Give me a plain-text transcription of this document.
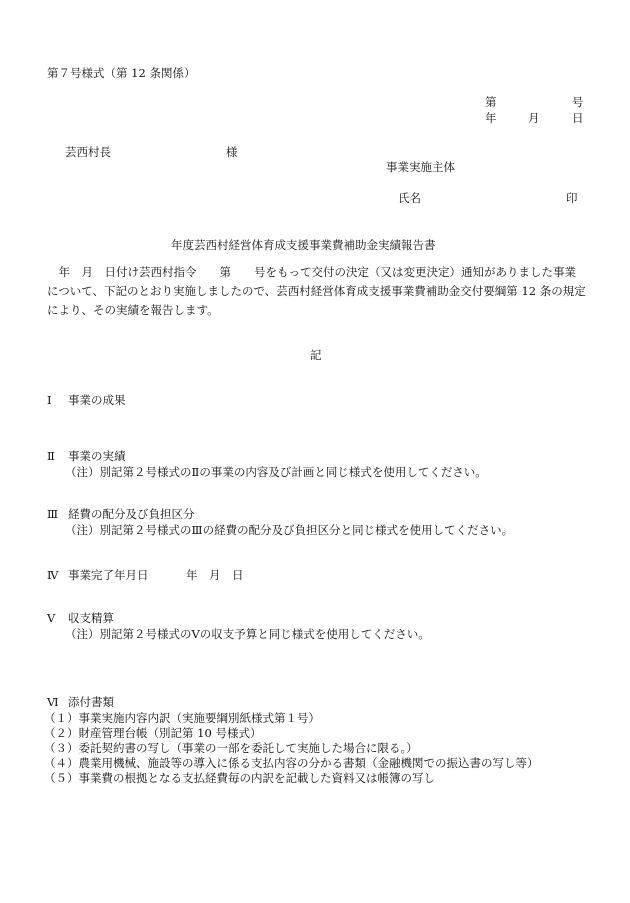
第７号様式（第 12 条関係）
第	号
年	月	日
芸西村長	様
事業実施主体
氏名	印
年度芸西村経営体育成支援事業費補助金実績報告書
　年　月　日付け芸西村指令　　第　　号をもって交付の決定（又は変更決定）通知がありました事業について、下記のとおり実施しましたので、芸西村経営体育成支援事業費補助金交付要綱第 12 条の規定により、その実績を報告します。
記
Ⅰ 事業の成果
Ⅱ 事業の実績
（注）別記第２号様式のⅡの事業の内容及び計画と同じ様式を使用してください。
Ⅲ 経費の配分及び負担区分
（注）別記第２号様式のⅢの経費の配分及び負担区分と同じ様式を使用してください。
Ⅳ 事業完了年月日	年　月　日
Ⅴ 収支精算
（注）別記第２号様式のⅤの収支予算と同じ様式を使用してください。
Ⅵ 添付書類
（１）事業実施内容内訳（実施要綱別紙様式第１号）
（２）財産管理台帳（別記第 10 号様式）
（３）委託契約書の写し（事業の一部を委託して実施した場合に限る。）
（４）農業用機械、施設等の導入に係る支払内容の分かる書類（金融機関での振込書の写し等）
（５）事業費の根拠となる支払経費毎の内訳を記載した資料又は帳簿の写し
